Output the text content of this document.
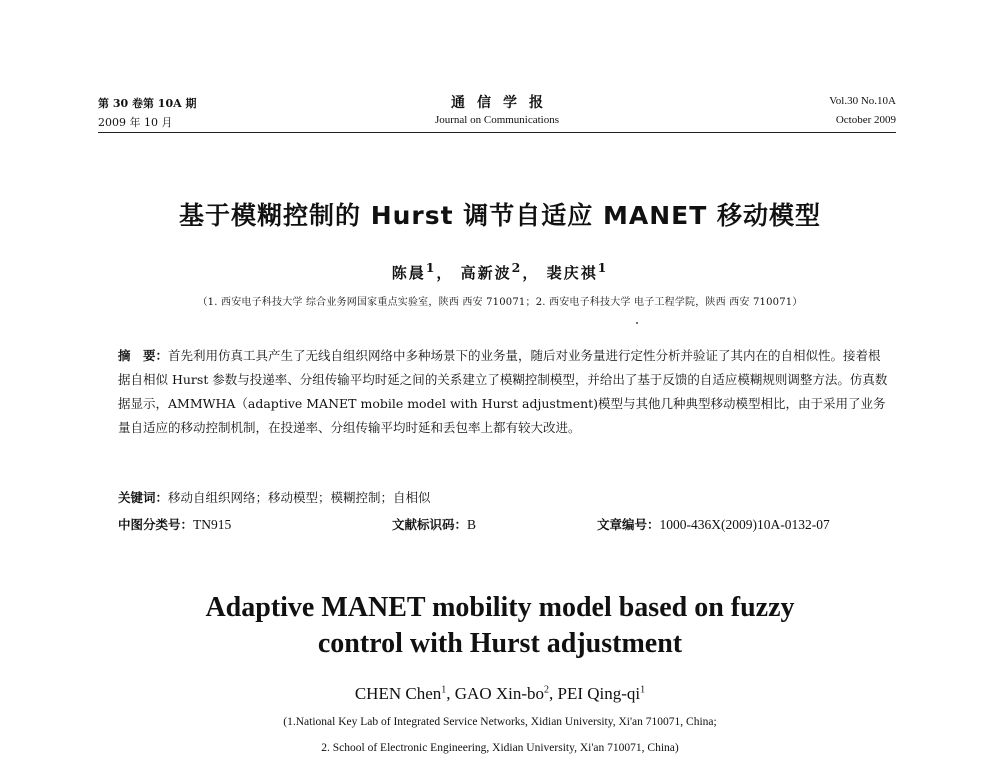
第 30 卷第 10A 期
2009 年 10 月
通信学报
Journal on Communications
Vol.30 No.10A
October 2009
基于模糊控制的 Hurst 调节自适应 MANET 移动模型
陈晨$^1$， 高新波$^2$， 裴庆祺$^1$
（1. 西安电子科技大学 综合业务网国家重点实验室，陕西 西安 710071；2. 西安电子科技大学 电子工程学院，陕西 西安 710071）
摘　要：首先利用仿真工具产生了无线自组织网络中多种场景下的业务量，随后对业务量进行定性分析并验证了其内在的自相似性。接着根据自相似 Hurst 参数与投递率、分组传输平均时延之间的关系建立了模糊控制模型，并给出了基于反馈的自适应模糊规则调整方法。仿真数据显示，AMMWHA（adaptive MANET mobile model with Hurst adjustment)模型与其他几种典型移动模型相比，由于采用了业务量自适应的移动控制机制，在投递率、分组传输平均时延和丢包率上都有较大改进。
关键词：移动自组织网络；移动模型；模糊控制；自相似
中图分类号：TN915	文献标识码：B	文章编号：1000-436X(2009)10A-0132-07
Adaptive MANET mobility model based on fuzzy
control with Hurst adjustment
CHEN Chen$^1$, GAO Xin-$bo^2$, PEI Qing-$qi^1$
(1.National Key Lab of Integrated Service Networks, Xidian University, Xi'an 710071, China;
2. School of Electronic Engineering, Xidian University, Xi'an 710071, China)
